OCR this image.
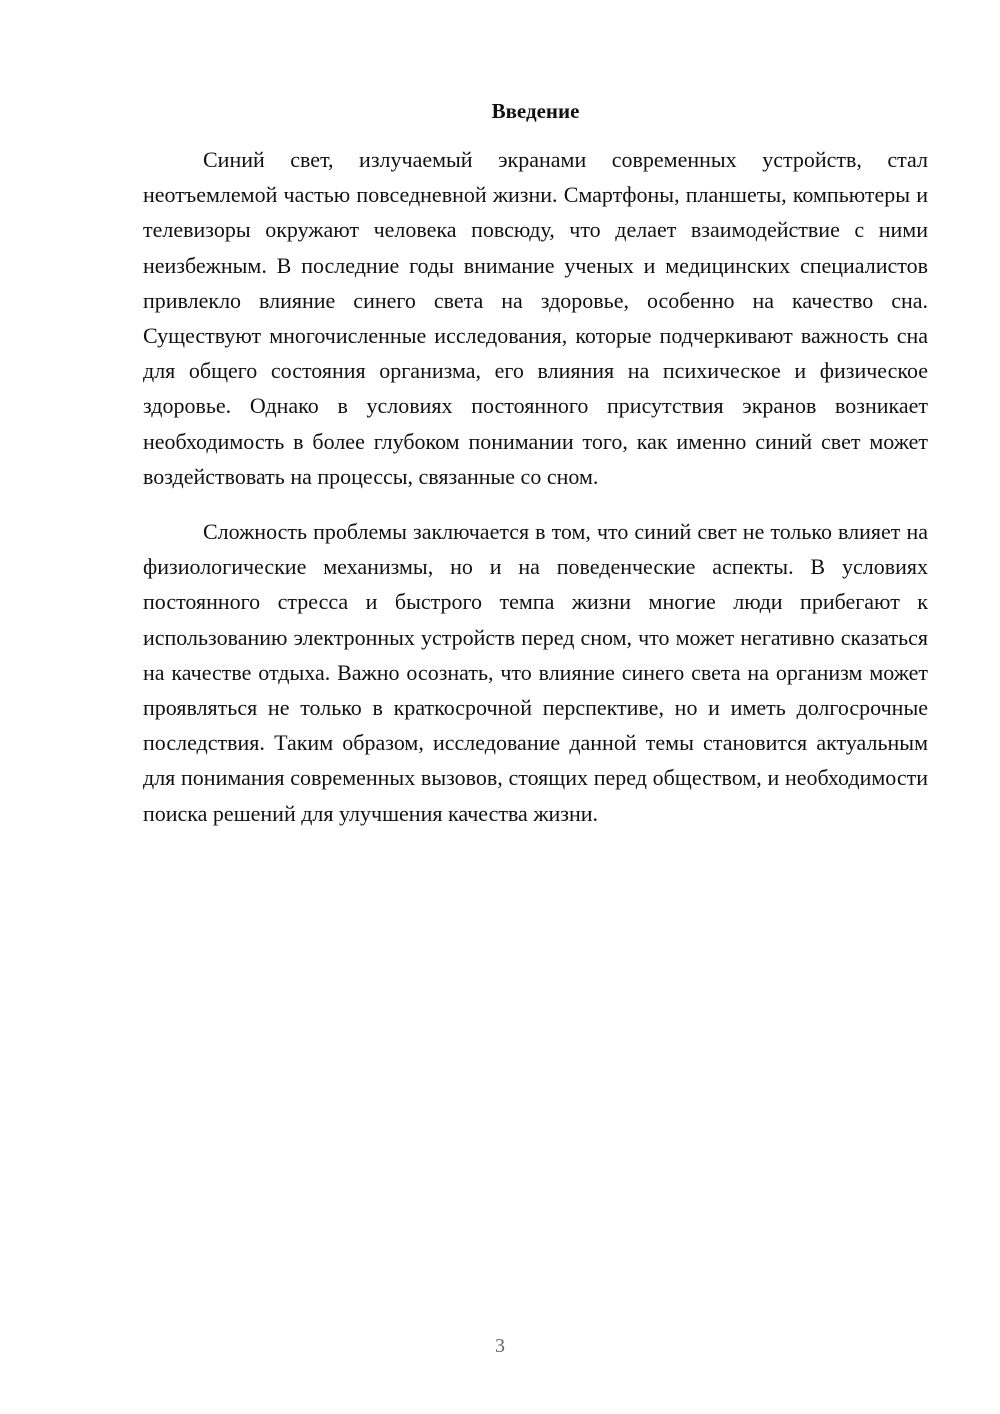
Введение

Синий свет, излучаемый экранами современных устройств, стал неотъемлемой частью повседневной жизни. Смартфоны, планшеты, компьютеры и телевизоры окружают человека повсюду, что делает взаимодействие с ними неизбежным. В последние годы внимание ученых и медицинских специалистов привлекло влияние синего света на здоровье, особенно на качество сна. Существуют многочисленные исследования, которые подчеркивают важность сна для общего состояния организма, его влияния на психическое и физическое здоровье. Однако в условиях постоянного присутствия экранов возникает необходимость в более глубоком понимании того, как именно синий свет может воздействовать на процессы, связанные со сном.

Сложность проблемы заключается в том, что синий свет не только влияет на физиологические механизмы, но и на поведенческие аспекты. В условиях постоянного стресса и быстрого темпа жизни многие люди прибегают к использованию электронных устройств перед сном, что может негативно сказаться на качестве отдыха. Важно осознать, что влияние синего света на организм может проявляться не только в краткосрочной перспективе, но и иметь долгосрочные последствия. Таким образом, исследование данной темы становится актуальным для понимания современных вызовов, стоящих перед обществом, и необходимости поиска решений для улучшения качества жизни.

3
